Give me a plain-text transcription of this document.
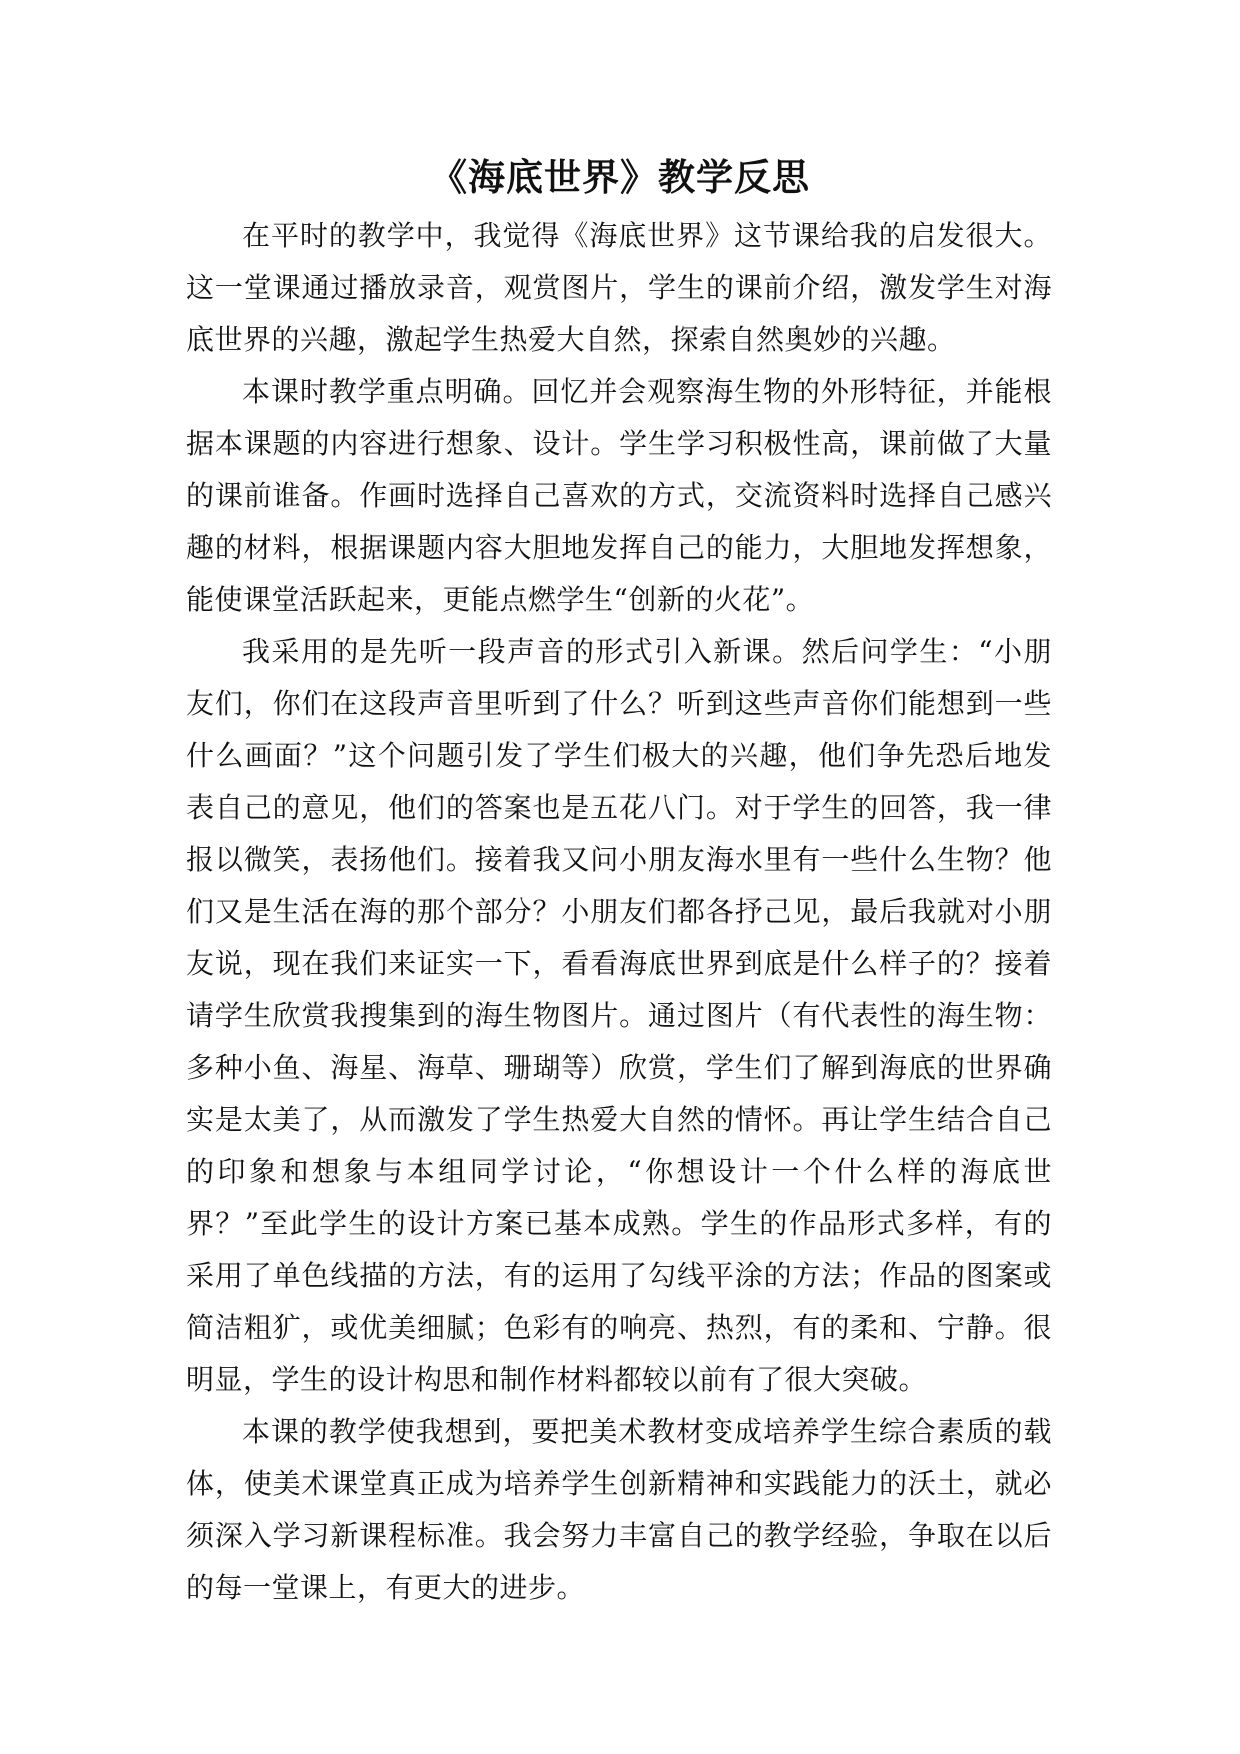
《海底世界》教学反思

在平时的教学中，我觉得《海底世界》这节课给我的启发很大。这一堂课通过播放录音，观赏图片，学生的课前介绍，激发学生对海底世界的兴趣，激起学生热爱大自然，探索自然奥妙的兴趣。

本课时教学重点明确。回忆并会观察海生物的外形特征，并能根据本课题的内容进行想象、设计。学生学习积极性高，课前做了大量的课前谁备。作画时选择自己喜欢的方式，交流资料时选择自己感兴趣的材料，根据课题内容大胆地发挥自己的能力，大胆地发挥想象，能使课堂活跃起来，更能点燃学生“创新的火花”。

我采用的是先听一段声音的形式引入新课。然后问学生：“小朋友们，你们在这段声音里听到了什么？听到这些声音你们能想到一些什么画面？”这个问题引发了学生们极大的兴趣，他们争先恐后地发表自己的意见，他们的答案也是五花八门。对于学生的回答，我一律报以微笑，表扬他们。接着我又问小朋友海水里有一些什么生物？他们又是生活在海的那个部分？小朋友们都各抒己见，最后我就对小朋友说，现在我们来证实一下，看看海底世界到底是什么样子的？接着请学生欣赏我搜集到的海生物图片。通过图片（有代表性的海生物：多种小鱼、海星、海草、珊瑚等）欣赏，学生们了解到海底的世界确实是太美了，从而激发了学生热爱大自然的情怀。再让学生结合自己的印象和想象与本组同学讨论，“你想设计一个什么样的海底世界？”至此学生的设计方案已基本成熟。学生的作品形式多样，有的采用了单色线描的方法，有的运用了勾线平涂的方法；作品的图案或简洁粗犷，或优美细腻；色彩有的响亮、热烈，有的柔和、宁静。很明显，学生的设计构思和制作材料都较以前有了很大突破。

本课的教学使我想到，要把美术教材变成培养学生综合素质的载体，使美术课堂真正成为培养学生创新精神和实践能力的沃土，就必须深入学习新课程标准。我会努力丰富自己的教学经验，争取在以后的每一堂课上，有更大的进步。
